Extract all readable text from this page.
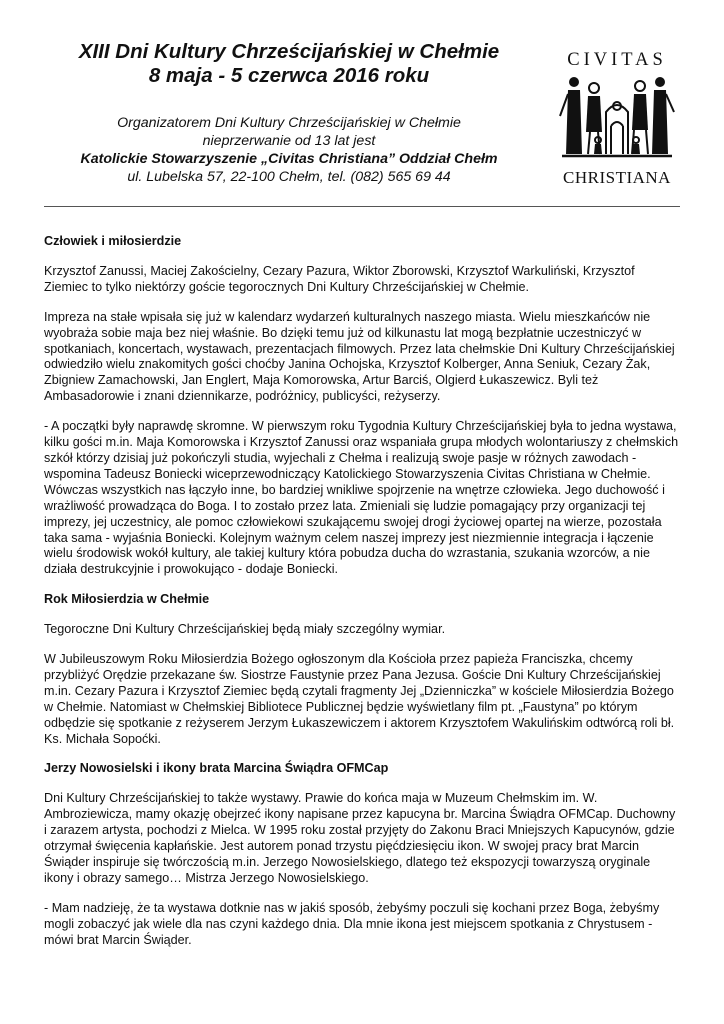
XIII Dni Kultury Chrześcijańskiej w Chełmie

8 maja - 5 czerwca 2016 roku

Organizatorem Dni Kultury Chrześcijańskiej w Chełmie
nieprzerwanie od 13 lat jest
Katolickie Stowarzyszenie „Civitas Christiana” Oddział Chełm
ul. Lubelska 57, 22-100 Chełm, tel. (082) 565 69 44
CIVITAS
CHRISTIANA
Człowiek i miłosierdzie

Krzysztof Zanussi, Maciej Zakościelny, Cezary Pazura, Wiktor Zborowski, Krzysztof Warkuliński, Krzysztof Ziemiec to tylko niektórzy goście tegorocznych Dni Kultury Chrześcijańskiej w Chełmie.

Impreza na stałe wpisała się już w kalendarz wydarzeń kulturalnych naszego miasta. Wielu mieszkańców nie wyobraża sobie maja bez niej właśnie. Bo dzięki temu już od kilkunastu lat mogą bezpłatnie uczestniczyć w spotkaniach, koncertach, wystawach, prezentacjach filmowych. Przez lata chełmskie Dni Kultury Chrześcijańskiej odwiedziło wielu znakomitych gości choćby Janina Ochojska, Krzysztof Kolberger, Anna Seniuk, Cezary Żak, Zbigniew Zamachowski, Jan Englert, Maja Komorowska, Artur Barciś, Olgierd Łukaszewicz. Byli też Ambasadorowie i znani dziennikarze, podróżnicy, publicyści, reżyserzy.

- A początki były naprawdę skromne. W pierwszym roku Tygodnia Kultury Chrześcijańskiej była to jedna wystawa, kilku gości m.in. Maja Komorowska i Krzysztof Zanussi oraz wspaniała grupa młodych wolontariuszy z chełmskich szkół którzy dzisiaj już pokończyli studia, wyjechali z Chełma i realizują swoje pasje w różnych zawodach - wspomina Tadeusz Boniecki wiceprzewodniczący Katolickiego Stowarzyszenia Civitas Christiana w Chełmie. Wówczas wszystkich nas łączyło inne, bo bardziej wnikliwe spojrzenie na wnętrze człowieka. Jego duchowość i wrażliwość prowadząca do Boga. I to zostało przez lata. Zmieniali się ludzie pomagający przy organizacji tej imprezy, jej uczestnicy, ale pomoc człowiekowi szukającemu swojej drogi życiowej opartej na wierze, pozostała taka sama - wyjaśnia Boniecki. Kolejnym ważnym celem naszej imprezy jest niezmiennie integracja i łączenie wielu środowisk wokół kultury, ale takiej kultury która pobudza ducha do wzrastania, szukania wzorców, a nie działa destrukcyjnie i prowokująco - dodaje Boniecki.

Rok Miłosierdzia w Chełmie

Tegoroczne Dni Kultury Chrześcijańskiej będą miały szczególny wymiar.

W Jubileuszowym Roku Miłosierdzia Bożego ogłoszonym dla Kościoła przez papieża Franciszka, chcemy przybliżyć Orędzie przekazane św. Siostrze Faustynie przez Pana Jezusa. Goście Dni Kultury Chrześcijańskiej m.in. Cezary Pazura i Krzysztof Ziemiec będą czytali fragmenty Jej „Dzienniczka” w kościele Miłosierdzia Bożego w Chełmie. Natomiast w Chełmskiej Bibliotece Publicznej będzie wyświetlany film pt. „Faustyna” po którym odbędzie się spotkanie z reżyserem Jerzym Łukaszewiczem i aktorem Krzysztofem Wakulińskim odtwórcą roli bł. Ks. Michała Sopoćki.

Jerzy Nowosielski i ikony brata Marcina Świądra OFMCap

Dni Kultury Chrześcijańskiej to także wystawy. Prawie do końca maja w Muzeum Chełmskim im. W. Ambroziewicza, mamy okazję obejrzeć ikony napisane przez kapucyna br. Marcina Świądra OFMCap. Duchowny i zarazem artysta, pochodzi z Mielca. W 1995 roku został przyjęty do Zakonu Braci Mniejszych Kapucynów, gdzie otrzymał święcenia kapłańskie. Jest autorem ponad trzystu pięćdziesięciu ikon. W swojej pracy brat Marcin Świąder inspiruje się twórczością m.in. Jerzego Nowosielskiego, dlatego też ekspozycji towarzyszą oryginale ikony i obrazy samego… Mistrza Jerzego Nowosielskiego.

- Mam nadzieję, że ta wystawa dotknie nas w jakiś sposób, żebyśmy poczuli się kochani przez Boga, żebyśmy mogli zobaczyć jak wiele dla nas czyni każdego dnia. Dla mnie ikona jest miejscem spotkania z Chrystusem - mówi brat Marcin Świąder.
